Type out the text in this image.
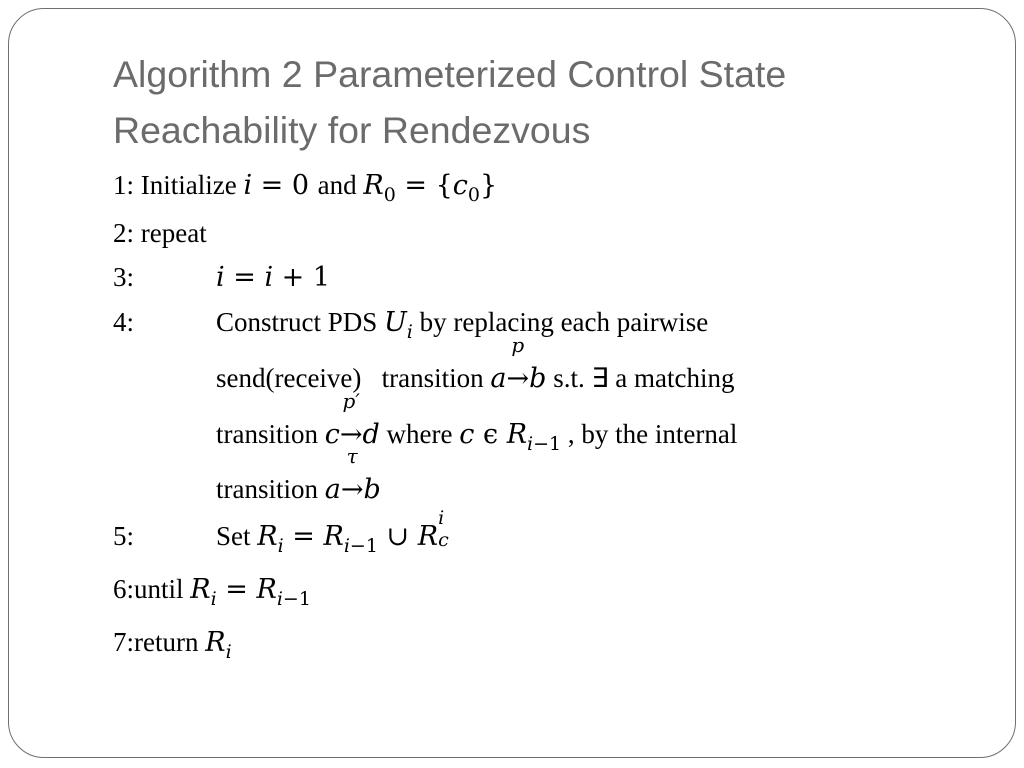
Algorithm 2 Parameterized Control State Reachability for Rendezvous
1: Initialize i = 0 and $R_0 = \{c_0\}$
2: repeat
3:	i = i + 1
4:	Construct PDS $U_i$ by replacing each pairwise
send(receive) transition a
p
→b s.t. ∃ a matching
transition c
p′
→d where c ϵ $R_{i-1}$ , by the internal
transition a
τ
→b
5:	Set $R_i = R_{i-1}$ ∪ R
i
c
6:until $R_i = R_{i-1}$
7:return $R_i$
